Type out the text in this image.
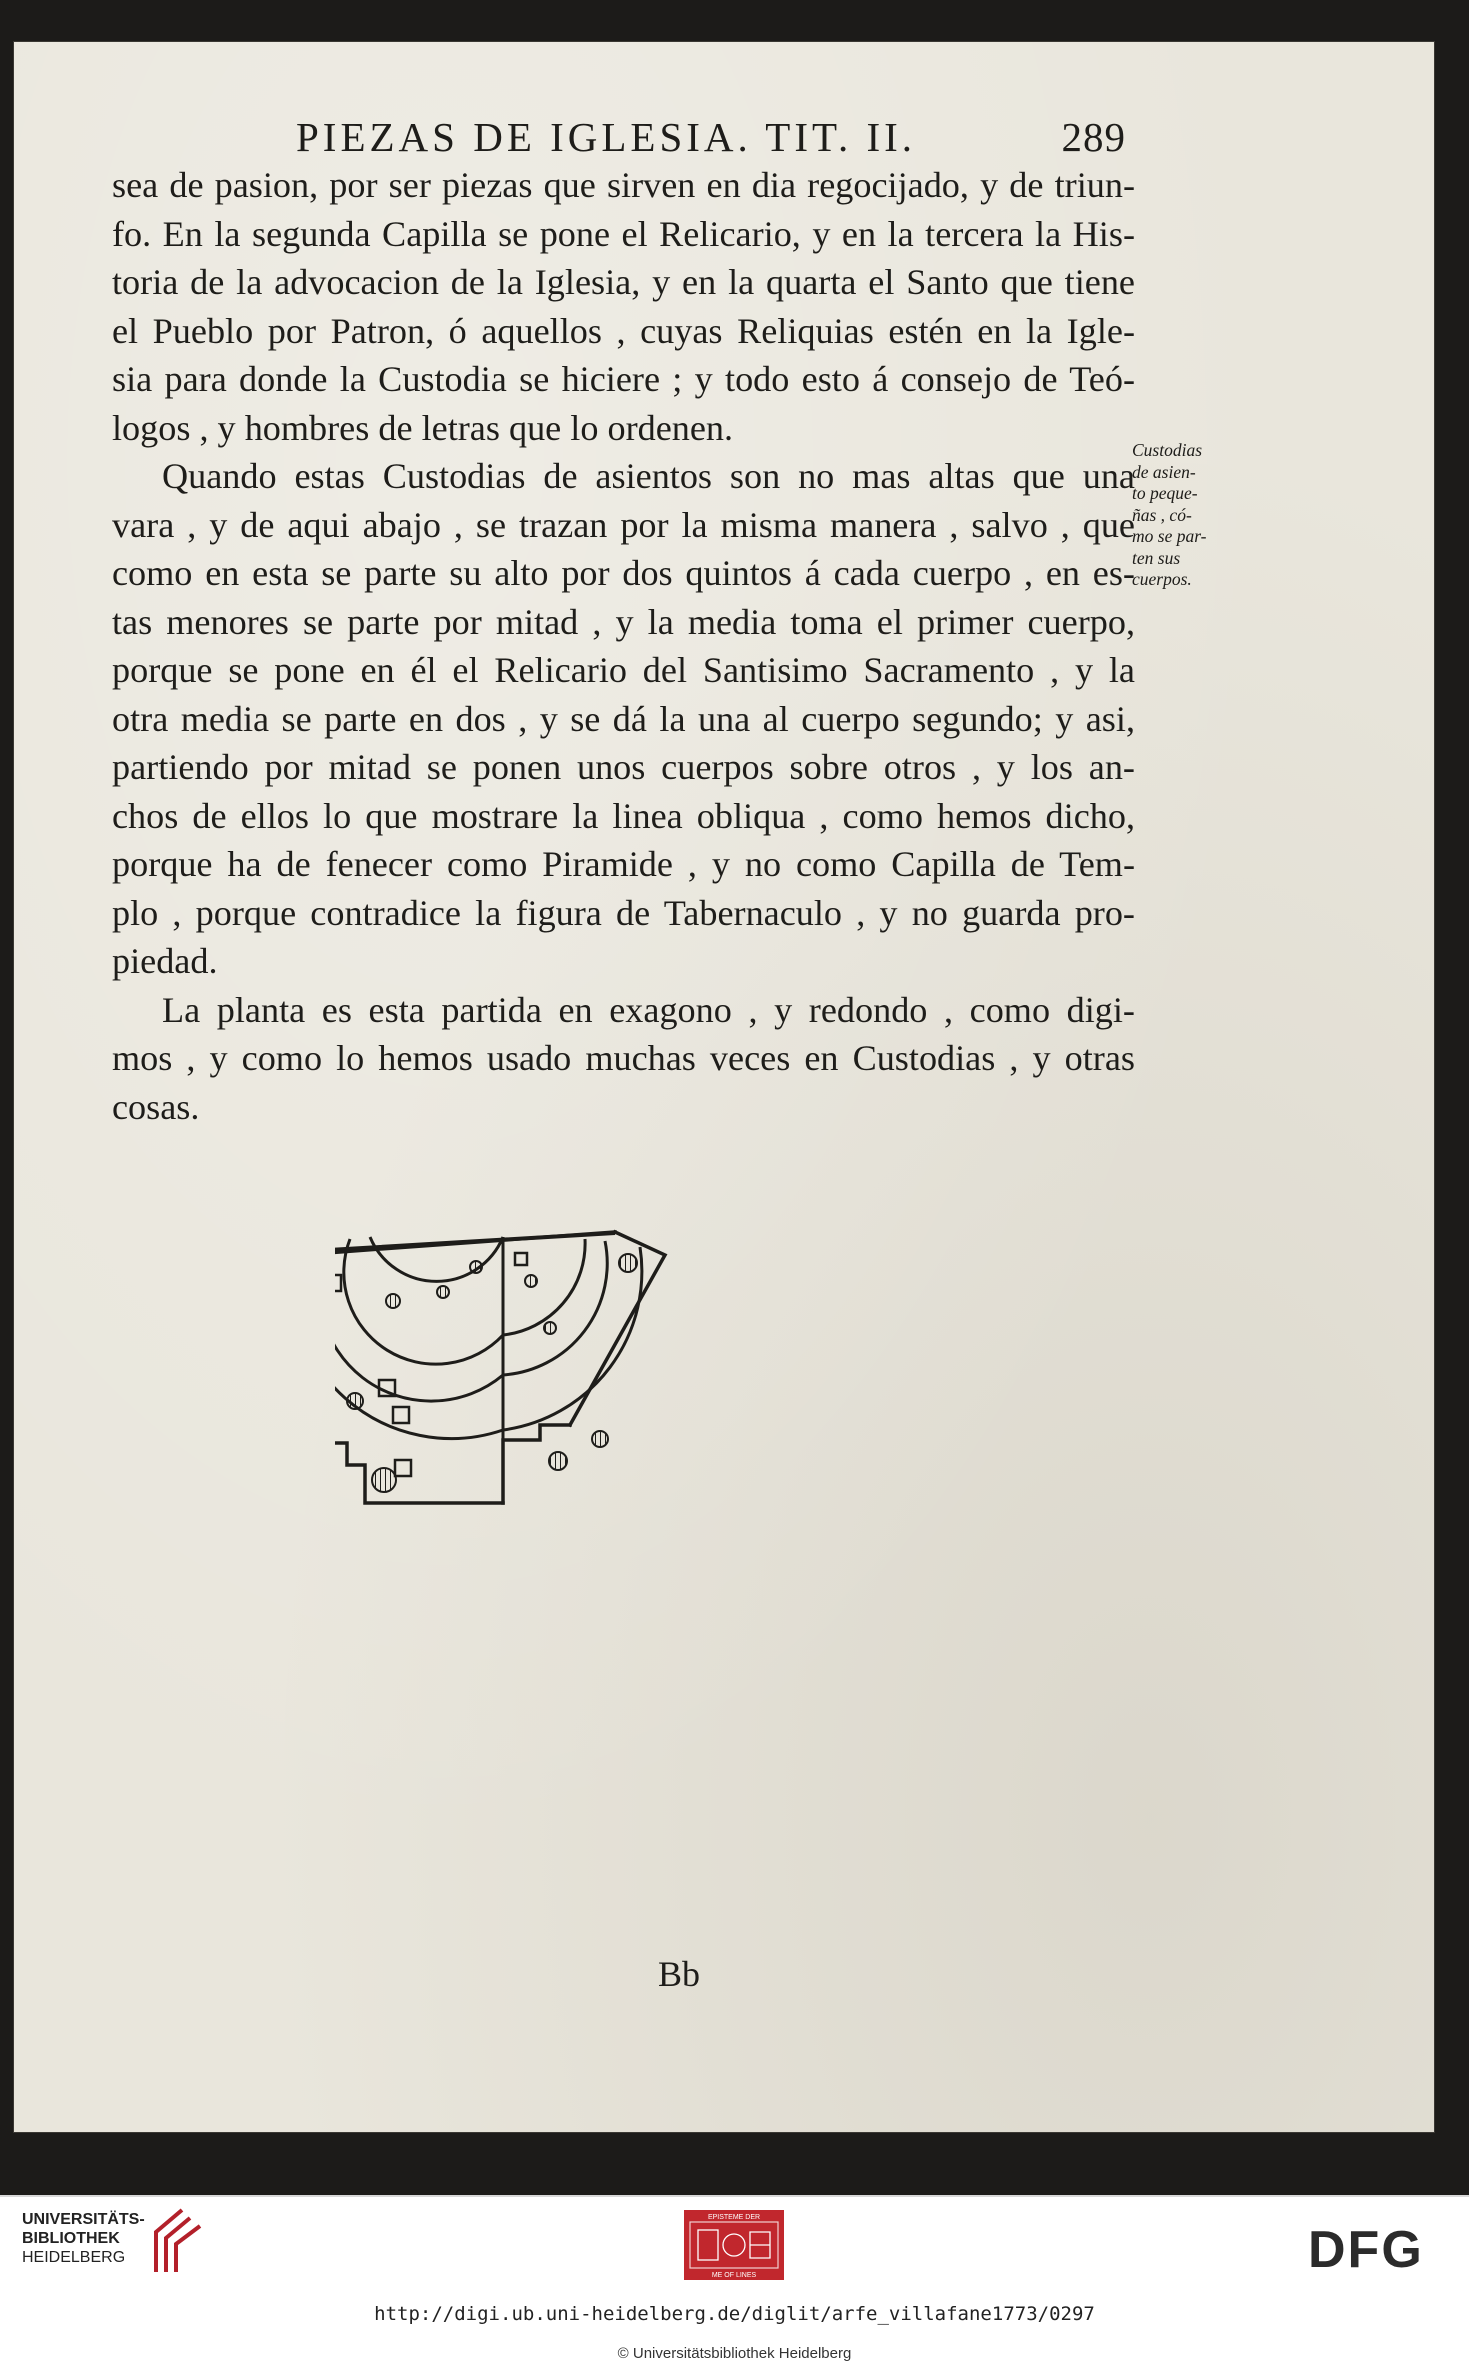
PIEZAS DE IGLESIA. TIT. II.	289
sea de pasion, por ser piezas que sirven en dia regocijado, y de triun-
fo. En la segunda Capilla se pone el Relicario, y en la tercera la His-
toria de la advocacion de la Iglesia, y en la quarta el Santo que tiene
el Pueblo por Patron, ó aquellos , cuyas Reliquias estén en la Igle-
sia para donde la Custodia se hiciere ; y todo esto á consejo de Teó-
logos , y hombres de letras que lo ordenen.
Quando estas Custodias de asientos son no mas altas que una
vara , y de aqui abajo , se trazan por la misma manera , salvo , que
como en esta se parte su alto por dos quintos á cada cuerpo , en es-
tas menores se parte por mitad , y la media toma el primer cuerpo,
porque se pone en él el Relicario del Santisimo Sacramento , y la
otra media se parte en dos , y se dá la una al cuerpo segundo; y asi,
partiendo por mitad se ponen unos cuerpos sobre otros , y los an-
chos de ellos lo que mostrare la linea obliqua , como hemos dicho,
porque ha de fenecer como Piramide , y no como Capilla de Tem-
plo , porque contradice la figura de Tabernaculo , y no guarda pro-
piedad.
La planta es esta partida en exagono , y redondo , como digi-
mos , y como lo hemos usado muchas veces en Custodias , y otras
cosas.
Custodias
de asien-
to peque-
ñas , có-
mo se par-
ten sus
cuerpos.
Bb
UNIVERSITÄTS-
BIBLIOTHEK
HEIDELBERG
EPISTEME DER
ME OF LINES	DFG
http://digi.ub.uni-heidelberg.de/diglit/arfe_villafane1773/0297
© Universitätsbibliothek Heidelberg
